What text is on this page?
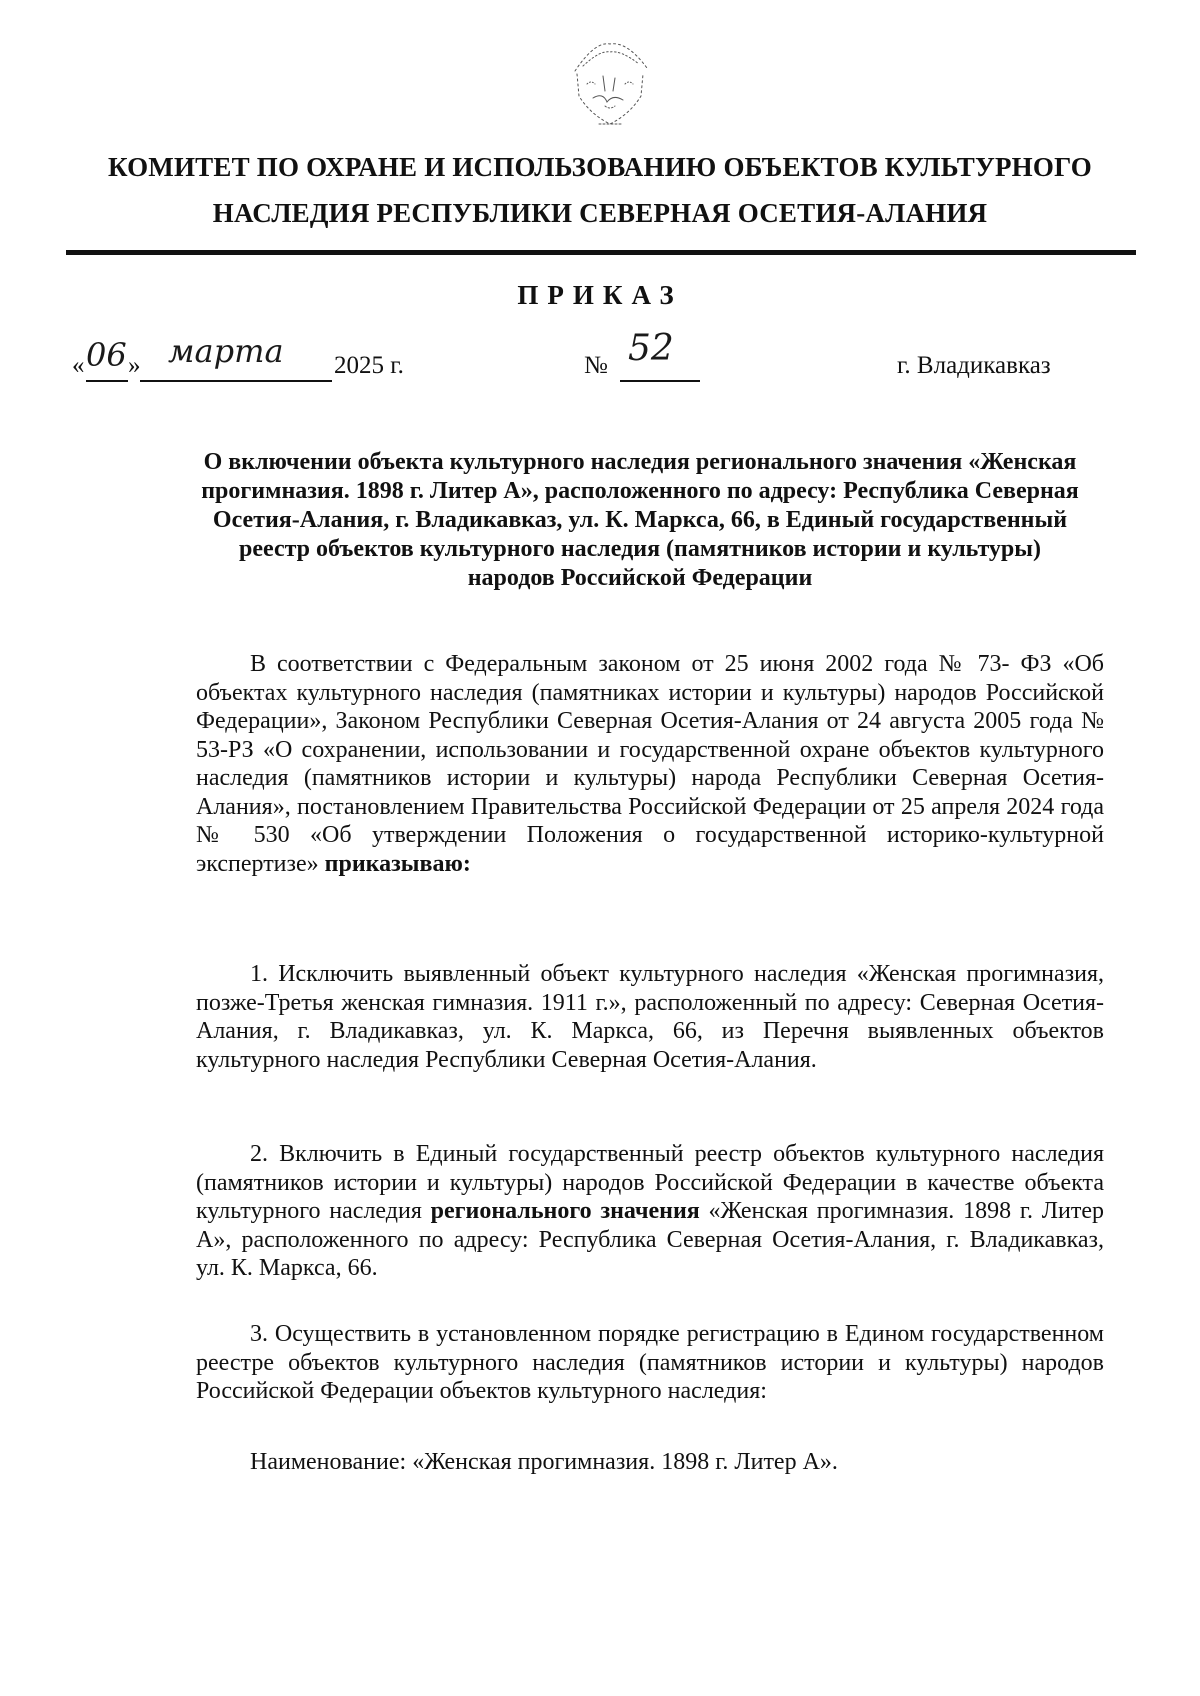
КОМИТЕТ ПО ОХРАНЕ И ИСПОЛЬЗОВАНИЮ ОБЪЕКТОВ КУЛЬТУРНОГО
НАСЛЕДИЯ РЕСПУБЛИКИ СЕВЕРНАЯ ОСЕТИЯ-АЛАНИЯ
ПРИКАЗ
« 06 » марта 2025 г.	№ 52	г. Владикавказ
О включении объекта культурного наследия регионального значения «Женская прогимназия. 1898 г. Литер А», расположенного по адресу: Республика Северная Осетия-Алания, г. Владикавказ, ул. К. Маркса, 66, в Единый государственный реестр объектов культурного наследия (памятников истории и культуры) народов Российской Федерации

В соответствии с Федеральным законом от 25 июня 2002 года № 73- ФЗ «Об объектах культурного наследия (памятниках истории и культуры) народов Российской Федерации», Законом Республики Северная Осетия-Алания от 24 августа 2005 года № 53-РЗ «О сохранении, использовании и государственной охране объектов культурного наследия (памятников истории и культуры) народа Республики Северная Осетия-Алания», постановлением Правительства Российской Федерации от 25 апреля 2024 года № 530 «Об утверждении Положения о государственной историко-культурной экспертизе» приказываю:

1. Исключить выявленный объект культурного наследия «Женская прогимназия, позже-Третья женская гимназия. 1911 г.», расположенный по адресу: Северная Осетия-Алания, г. Владикавказ, ул. К. Маркса, 66, из Перечня выявленных объектов культурного наследия Республики Северная Осетия-Алания.

2. Включить в Единый государственный реестр объектов культурного наследия (памятников истории и культуры) народов Российской Федерации в качестве объекта культурного наследия регионального значения «Женская прогимназия. 1898 г. Литер А», расположенного по адресу: Республика Северная Осетия-Алания, г. Владикавказ, ул. К. Маркса, 66.

3. Осуществить в установленном порядке регистрацию в Едином государственном реестре объектов культурного наследия (памятников истории и культуры) народов Российской Федерации объектов культурного наследия:

Наименование: «Женская прогимназия. 1898 г. Литер А».
